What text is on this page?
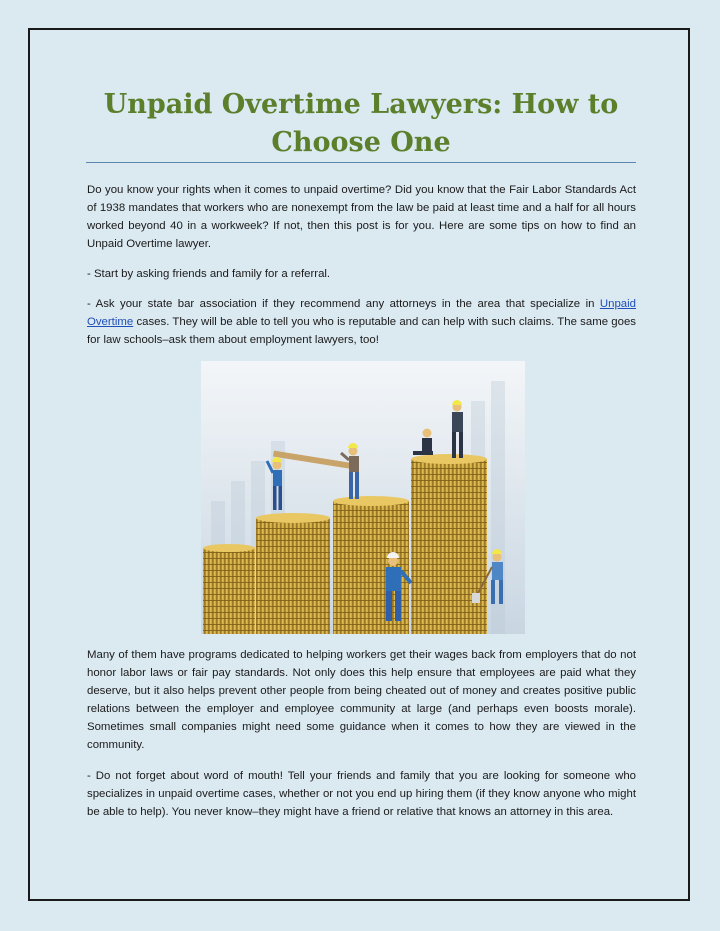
Unpaid Overtime Lawyers: How to
Choose One

Do you know your rights when it comes to unpaid overtime? Did you know that the Fair Labor Standards Act of 1938 mandates that workers who are nonexempt from the law be paid at least time and a half for all hours worked beyond 40 in a workweek? If not, then this post is for you. Here are some tips on how to find an Unpaid Overtime lawyer.

- Start by asking friends and family for a referral.

- Ask your state bar association if they recommend any attorneys in the area that specialize in Unpaid Overtime cases. They will be able to tell you who is reputable and can help with such claims. The same goes for law schools–ask them about employment lawyers, too!

Many of them have programs dedicated to helping workers get their wages back from employers that do not honor labor laws or fair pay standards. Not only does this help ensure that employees are paid what they deserve, but it also helps prevent other people from being cheated out of money and creates positive public relations between the employer and employee community at large (and perhaps even boosts morale). Sometimes small companies might need some guidance when it comes to how they are viewed in the community.

- Do not forget about word of mouth! Tell your friends and family that you are looking for someone who specializes in unpaid overtime cases, whether or not you end up hiring them (if they know anyone who might be able to help). You never know–they might have a friend or relative that knows an attorney in this area.
